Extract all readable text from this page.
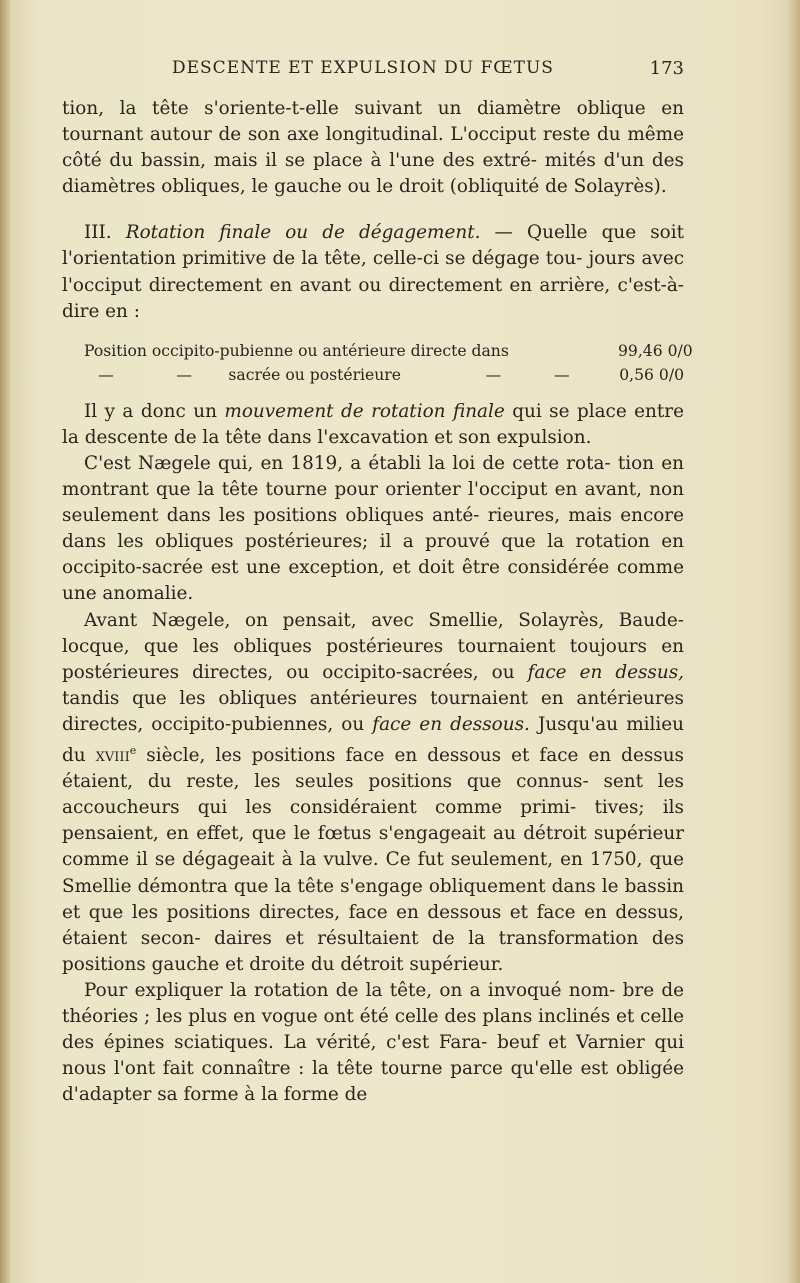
DESCENTE ET EXPULSION DU FŒTUS	173

tion, la tête s'oriente-t-elle suivant un diamètre oblique en tournant autour de son axe longitudinal. L'occiput reste du même côté du bassin, mais il se place à l'une des extré- mités d'un des diamètres obliques, le gauche ou le droit (obliquité de Solayrès).

III. Rotation finale ou de dégagement. — Quelle que soit l'orientation primitive de la tête, celle-ci se dégage tou- jours avec l'occiput directement en avant ou directement en arrière, c'est-à-dire en :

Position occipito-pubienne ou antérieure directe dans	99,46 0/0
—	—	sacrée ou postérieure	—	—	0,56 0/0

Il y a donc un mouvement de rotation finale qui se place entre la descente de la tête dans l'excavation et son expulsion.

C'est Nægele qui, en 1819, a établi la loi de cette rota- tion en montrant que la tête tourne pour orienter l'occiput en avant, non seulement dans les positions obliques anté- rieures, mais encore dans les obliques postérieures; il a prouvé que la rotation en occipito-sacrée est une exception, et doit être considérée comme une anomalie.

Avant Nægele, on pensait, avec Smellie, Solayrès, Baude- locque, que les obliques postérieures tournaient toujours en postérieures directes, ou occipito-sacrées, ou face en dessus, tandis que les obliques antérieures tournaient en antérieures directes, occipito-pubiennes, ou face en dessous. Jusqu'au milieu du xviii$^e$ siècle, les positions face en dessous et face en dessus étaient, du reste, les seules positions que connus- sent les accoucheurs qui les considéraient comme primi- tives; ils pensaient, en effet, que le fœtus s'engageait au détroit supérieur comme il se dégageait à la vulve. Ce fut seulement, en 1750, que Smellie démontra que la tête s'engage obliquement dans le bassin et que les positions directes, face en dessous et face en dessus, étaient secon- daires et résultaient de la transformation des positions gauche et droite du détroit supérieur.

Pour expliquer la rotation de la tête, on a invoqué nom- bre de théories ; les plus en vogue ont été celle des plans inclinés et celle des épines sciatiques. La vérité, c'est Fara- beuf et Varnier qui nous l'ont fait connaître : la tête tourne parce qu'elle est obligée d'adapter sa forme à la forme de
